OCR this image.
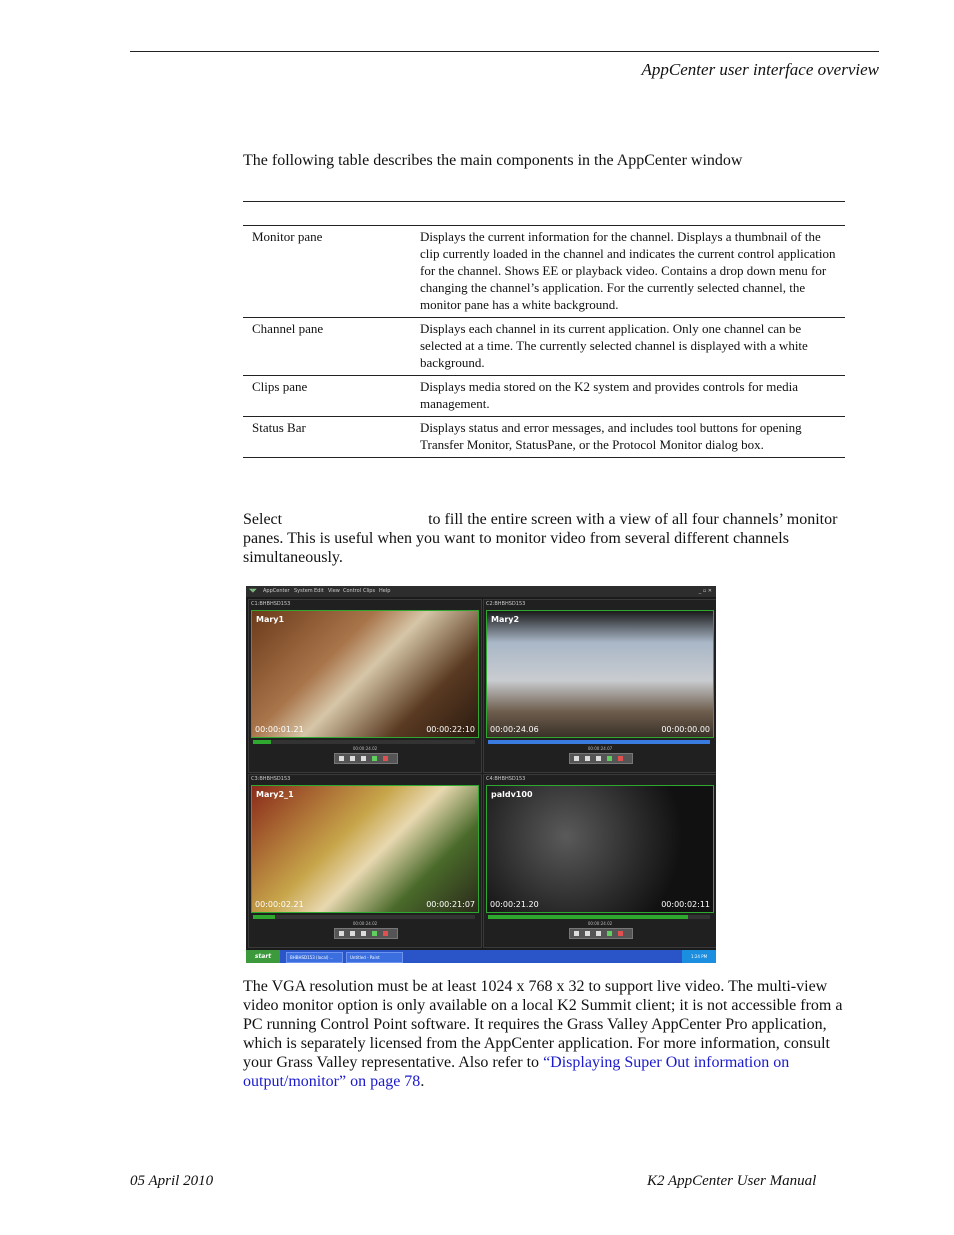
AppCenter user interface overview
The following table describes the main components in the AppCenter window
Monitor pane	Displays the current information for the channel. Displays a thumbnail of the clip currently loaded in the channel and indicates the current control application for the channel. Shows EE or playback video. Contains a drop down menu for changing the channel’s application. For the currently selected channel, the monitor pane has a white background.
Channel pane	Displays each channel in its current application. Only one channel can be selected at a time. The currently selected channel is displayed with a white background.
Clips pane	Displays media stored on the K2 system and provides controls for media management.
Status Bar	Displays status and error messages, and includes tool buttons for opening Transfer Monitor, StatusPane, or the Protocol Monitor dialog box.
Select	to fill the entire screen with a view of all four channels’ monitor panes. This is useful when you want to monitor video from several different channels simultaneously.
◥◤ AppCenter System Edit View Control Clips Help	_ ▫ ✕
C1:BHBHSD153
Mary1
00:00:01.21	00:00:22:10
00:00:24.02
C2:BHBHSD153
Mary2
00:00:24.06	00:00:00.00
00:00:24.07
C3:BHBHSD153
Mary2_1
00:00:02.21	00:00:21:07
00:00:24.02
C4:BHBHSD153
paldv100
00:00:21.20	00:00:02:11
00:00:24.02
start	BHBHSD153 (local) ...	Untitled - Paint	1:24 PM
The VGA resolution must be at least 1024 x 768 x 32 to support live video. The multi-view video monitor option is only available on a local K2 Summit client; it is not accessible from a PC running Control Point software. It requires the Grass Valley AppCenter Pro application, which is separately licensed from the AppCenter application. For more information, consult your Grass Valley representative. Also refer to “Displaying Super Out information on output/monitor” on page 78.
05 April 2010	K2 AppCenter User Manual
